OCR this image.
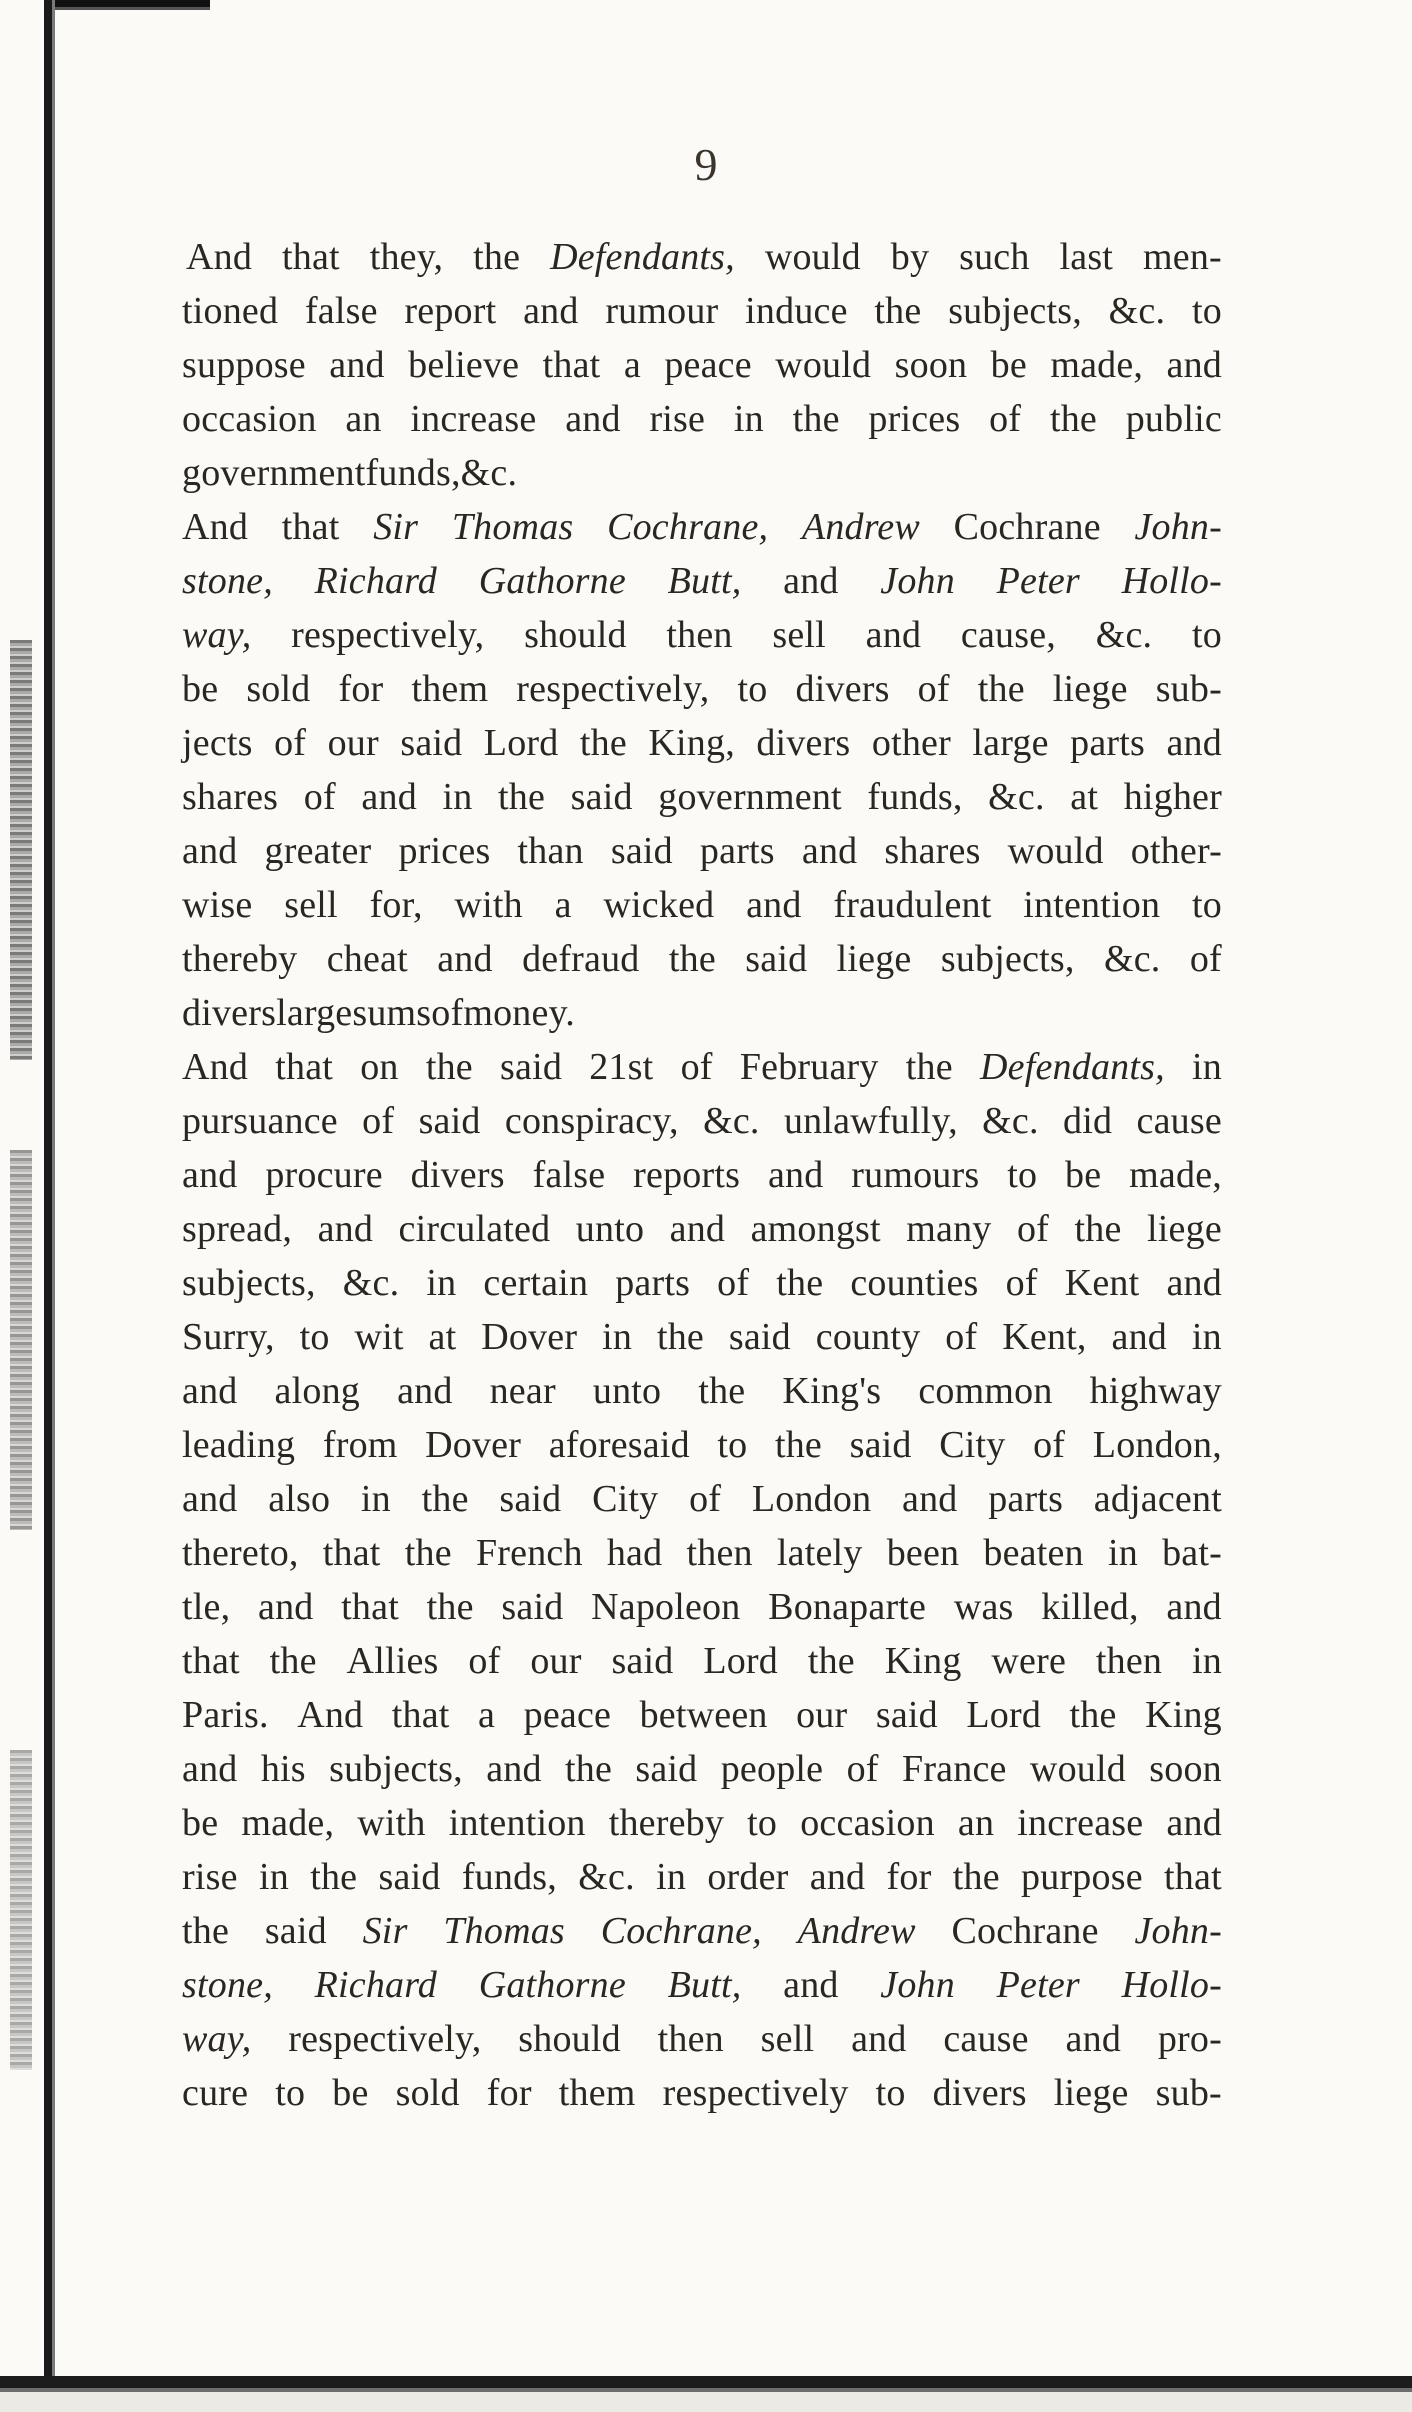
9
And that they, the Defendants, would by such last men-
tioned false report and rumour induce the subjects, &c. to
suppose and believe that a peace would soon be made, and
occasion an increase and rise in the prices of the public
government funds, &c.
And that Sir Thomas Cochrane, Andrew Cochrane John-
stone, Richard Gathorne Butt, and John Peter Hollo-
way, respectively, should then sell and cause, &c. to
be sold for them respectively, to divers of the liege sub-
jects of our said Lord the King, divers other large parts and
shares of and in the said government funds, &c. at higher
and greater prices than said parts and shares would other-
wise sell for, with a wicked and fraudulent intention to
thereby cheat and defraud the said liege subjects, &c. of
divers large sums of money.
And that on the said 21st of February the Defendants, in
pursuance of said conspiracy, &c. unlawfully, &c. did cause
and procure divers false reports and rumours to be made,
spread, and circulated unto and amongst many of the liege
subjects, &c. in certain parts of the counties of Kent and
Surry, to wit at Dover in the said county of Kent, and in
and along and near unto the King's common highway
leading from Dover aforesaid to the said City of London,
and also in the said City of London and parts adjacent
thereto, that the French had then lately been beaten in bat-
tle, and that the said Napoleon Bonaparte was killed, and
that the Allies of our said Lord the King were then in
Paris. And that a peace between our said Lord the King
and his subjects, and the said people of France would soon
be made, with intention thereby to occasion an increase and
rise in the said funds, &c. in order and for the purpose that
the said Sir Thomas Cochrane, Andrew Cochrane John-
stone, Richard Gathorne Butt, and John Peter Hollo-
way, respectively, should then sell and cause and pro-
cure to be sold for them respectively to divers liege sub-
